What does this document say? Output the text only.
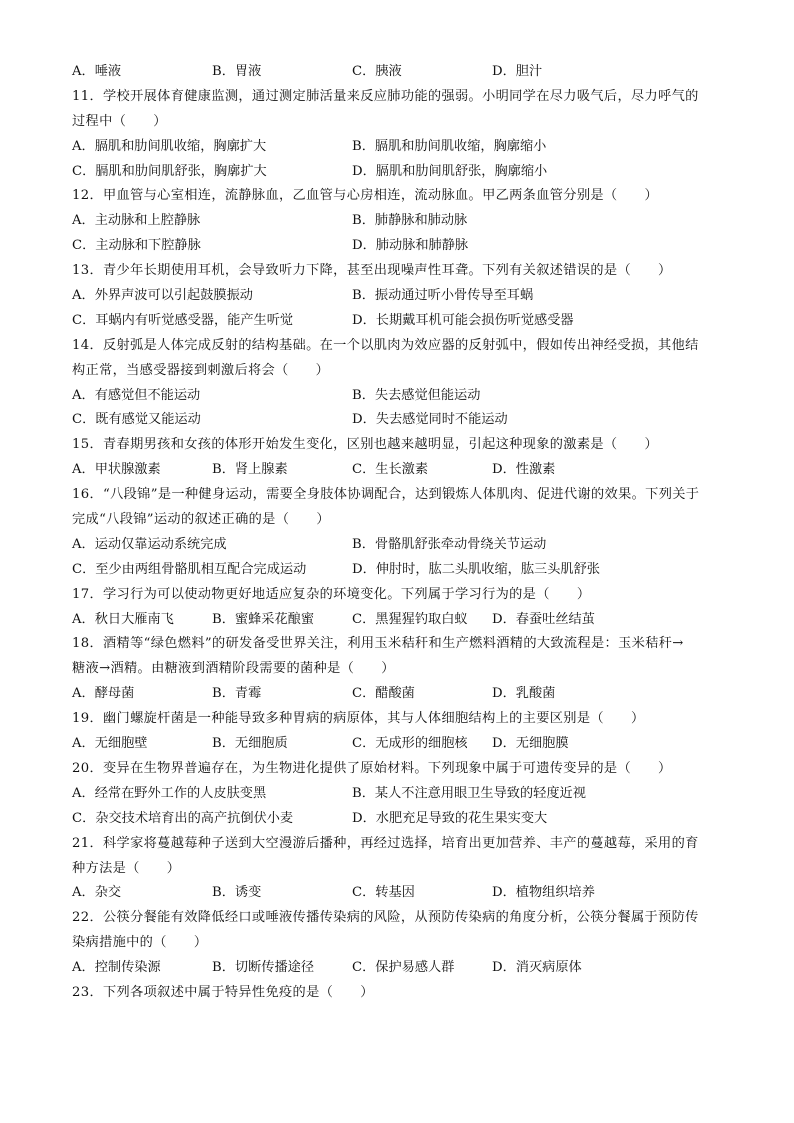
A．唾液	B．胃液	C．胰液	D．胆汁
11．学校开展体育健康监测，通过测定肺活量来反应肺功能的强弱。小明同学在尽力吸气后，尽力呼气的
过程中（　　）
A．膈肌和肋间肌收缩，胸廓扩大	B．膈肌和肋间肌收缩，胸廓缩小
C．膈肌和肋间肌舒张，胸廓扩大	D．膈肌和肋间肌舒张，胸廓缩小
12．甲血管与心室相连，流静脉血，乙血管与心房相连，流动脉血。甲乙两条血管分别是（　　）
A．主动脉和上腔静脉	B．肺静脉和肺动脉
C．主动脉和下腔静脉	D．肺动脉和肺静脉
13．青少年长期使用耳机，会导致听力下降，甚至出现噪声性耳聋。下列有关叙述错误的是（　　）
A．外界声波可以引起鼓膜振动	B．振动通过听小骨传导至耳蜗
C．耳蜗内有听觉感受器，能产生听觉	D．长期戴耳机可能会损伤听觉感受器
14．反射弧是人体完成反射的结构基础。在一个以肌肉为效应器的反射弧中，假如传出神经受损，其他结
构正常，当感受器接到刺激后将会（　　）
A．有感觉但不能运动	B．失去感觉但能运动
C．既有感觉又能运动	D．失去感觉同时不能运动
15．青春期男孩和女孩的体形开始发生变化，区别也越来越明显，引起这种现象的激素是（　　）
A．甲状腺激素	B．肾上腺素	C．生长激素	D．性激素
16．“八段锦”是一种健身运动，需要全身肢体协调配合，达到锻炼人体肌肉、促进代谢的效果。下列关于
完成“八段锦”运动的叙述正确的是（　　）
A．运动仅靠运动系统完成	B．骨骼肌舒张牵动骨绕关节运动
C．至少由两组骨骼肌相互配合完成运动	D．伸肘时，肱二头肌收缩，肱三头肌舒张
17．学习行为可以使动物更好地适应复杂的环境变化。下列属于学习行为的是（　　）
A．秋日大雁南飞	B．蜜蜂采花酿蜜	C．黑猩猩钓取白蚁 D．春蚕吐丝结茧
18．酒精等“绿色燃料”的研发备受世界关注，利用玉米秸秆和生产燃料酒精的大致流程是：玉米秸秆→
糖液→酒精。由糖液到酒精阶段需要的菌种是（　　）
A．酵母菌	B．青霉	C．醋酸菌	D．乳酸菌
19．幽门螺旋杆菌是一种能导致多种胃病的病原体，其与人体细胞结构上的主要区别是（　　）
A．无细胞壁	B．无细胞质	C．无成形的细胞核 D．无细胞膜
20．变异在生物界普遍存在，为生物进化提供了原始材料。下列现象中属于可遗传变异的是（　　）
A．经常在野外工作的人皮肤变黑	B．某人不注意用眼卫生导致的轻度近视
C．杂交技术培育出的高产抗倒伏小麦	D．水肥充足导致的花生果实变大
21．科学家将蔓越莓种子送到大空漫游后播种，再经过选择，培育出更加营养、丰产的蔓越莓，采用的育
种方法是（　　）
A．杂交	B．诱变	C．转基因	D．植物组织培养
22．公筷分餐能有效降低经口或唾液传播传染病的风险，从预防传染病的角度分析，公筷分餐属于预防传
染病措施中的（　　）
A．控制传染源	B．切断传播途径	C．保护易感人群	D．消灭病原体
23．下列各项叙述中属于特异性免疫的是（　　）
